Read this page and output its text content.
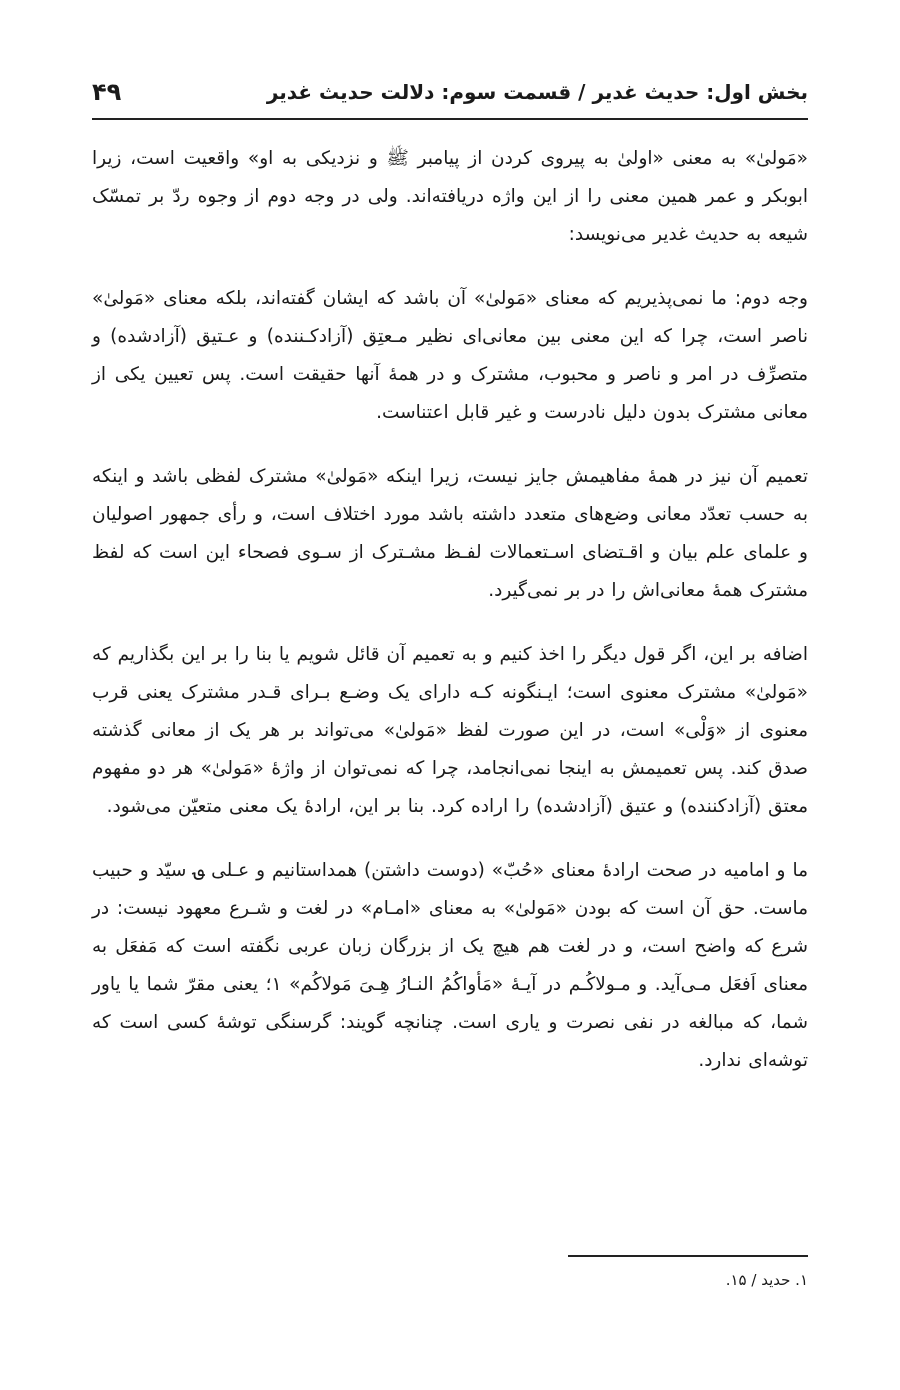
بخش اول: حدیث غدیر / قسمت سوم: دلالت حدیث غدیر
۴۹

«مَولیٰ» به معنی «اولیٰ به پیروی کردن از پیامبر ﷺ و نزدیکی به او» واقعیت است، زیرا ابوبکر و عمر همین معنی را از این واژه دریافته‌اند. ولی در وجه دوم از وجوه ردّ بر تمسّک شیعه به حدیث غدیر می‌نویسد:

وجه دوم: ما نمی‌پذیریم که معنای «مَولیٰ» آن باشد که ایشان گفته‌اند، بلکه معنای «مَولیٰ» ناصر است، چرا که این معنی بین معانی‌ای نظیر مـعتِق (آزادکـننده) و عـتیق (آزادشده) و متصرِّف در امر و ناصر و محبوب، مشترک و در همهٔ آنها حقیقت است. پس تعیین یکی از معانی مشترک بدون دلیل نادرست و غیر قابل اعتناست.

تعمیم آن نیز در همهٔ مفاهیمش جایز نیست، زیرا اینکه «مَولیٰ» مشترک لفظی باشد و اینکه به حسب تعدّد معانی وضع‌های متعدد داشته باشد مورد اختلاف است، و رأی جمهور اصولیان و علمای علم بیان و اقـتضای اسـتعمالات لفـظ مشـترک از سـوی فصحاء این است که لفظ مشترک همهٔ معانی‌اش را در بر نمی‌گیرد.

اضافه بر این، اگر قول دیگر را اخذ کنیم و به تعمیم آن قائل شویم یا بنا را بر این بگذاریم که «مَولیٰ» مشترک معنوی است؛ ایـنگونه کـه دارای یک وضـع بـرای قـدر مشترک یعنی قرب معنوی از «وَلْی» است، در این صورت لفظ «مَولیٰ» می‌تواند بر هر یک از معانی گذشته صدق کند. پس تعمیمش به اینجا نمی‌انجامد، چرا که نمی‌توان از واژهٔ «مَولیٰ» هر دو مفهوم معتق (آزادکننده) و عتیق (آزادشده) را اراده کرد. بنا بر این، ارادهٔ یک معنی متعیّن می‌شود.

ما و امامیه در صحت ارادهٔ معنای «حُبّ» (دوست داشتن) همداستانیم و عـلی ؈ سیّد و حبیب ماست. حق آن است که بودن «مَولیٰ» به معنای «امـام» در لغت و شـرع معهود نیست: در شرع که واضح است، و در لغت هم هیچ یک از بزرگان زبان عربی نگفته است که مَفعَل به معنای اَفعَل مـی‌آید. و مـولاکُـم در آیـهٔ «مَأواکُمُ النـارُ هِـیَ مَولاکُم» ۱؛ یعنی مقرّ شما یا یاور شما، که مبالغه در نفی نصرت و یاری است. چنانچه گویند: گرسنگی توشهٔ کسی است که توشه‌ای ندارد.

۱. حدید / ۱۵.
